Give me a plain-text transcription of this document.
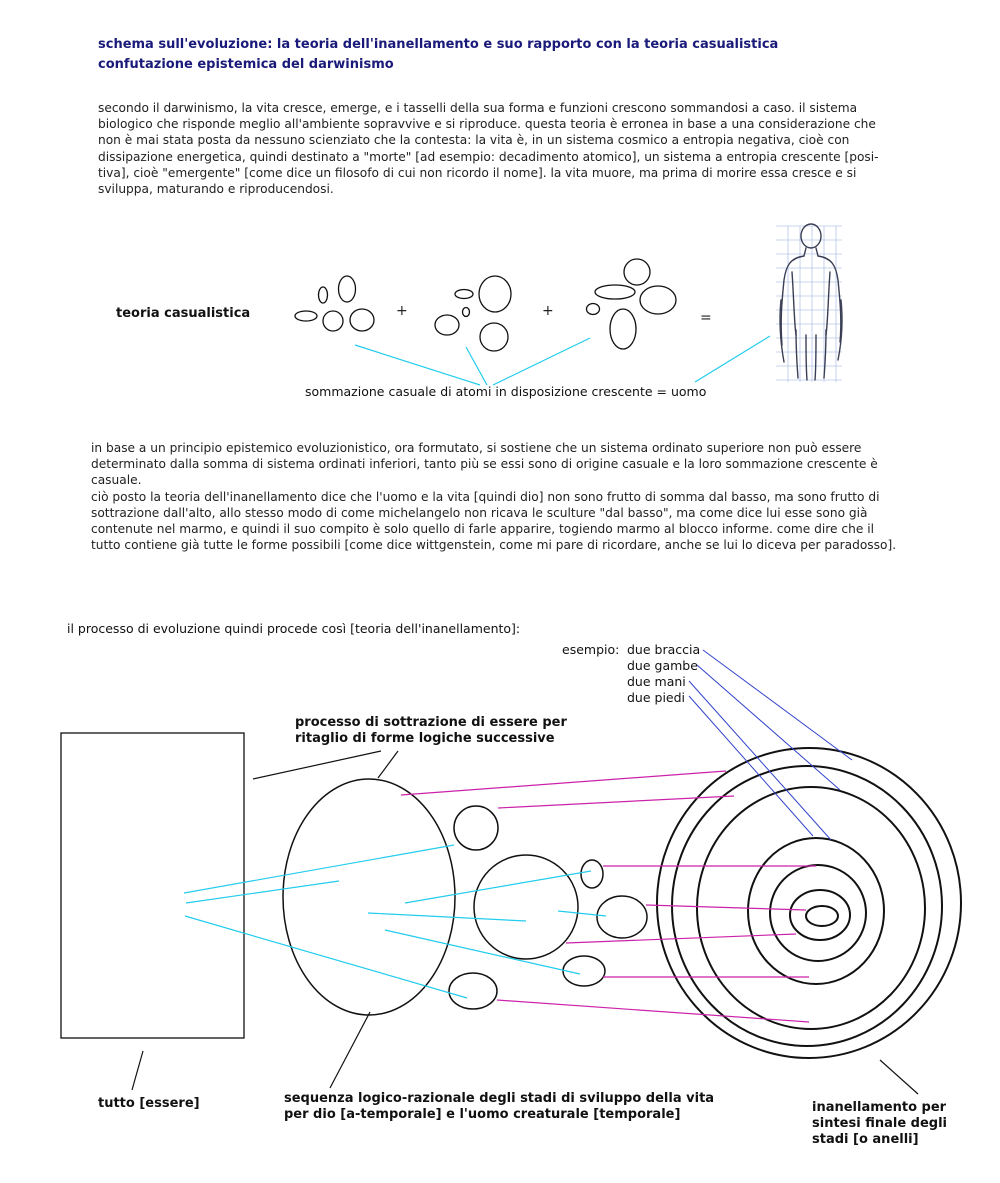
schema sull'evoluzione: la teoria dell'inanellamento e suo rapporto con la teoria casualistica
confutazione epistemica del darwinismo

secondo il darwinismo, la vita cresce, emerge, e i tasselli della sua forma e funzioni crescono sommandosi a caso. il sistema biologico che risponde meglio all'ambiente sopravvive e si riproduce. questa teoria è erronea in base a una considerazione che non è mai stata posta da nessuno scienziato che la contesta: la vita è, in un sistema cosmico a entropia negativa, cioè con dissipazione energetica, quindi destinato a "morte" [ad esempio: decadimento atomico], un sistema a entropia crescente [posi-tiva], cioè "emergente" [come dice un filosofo di cui non ricordo il nome]. la vita muore, ma prima di morire essa cresce e si sviluppa, maturando e riproducendosi.

teoria casualistica	+	+	=
sommazione casuale di atomi in disposizione crescente = uomo

in base a un principio epistemico evoluzionistico, ora formutato, si sostiene che un sistema ordinato superiore non può essere determinato dalla somma di sistema ordinati inferiori, tanto più se essi sono di origine casuale e la loro sommazione crescente è casuale.

ciò posto la teoria dell'inanellamento dice che l'uomo e la vita [quindi dio] non sono frutto di somma dal basso, ma sono frutto di sottrazione dall'alto, allo stesso modo di come michelangelo non ricava le sculture "dal basso", ma come dice lui esse sono già contenute nel marmo, e quindi il suo compito è solo quello di farle apparire, togiendo marmo al blocco informe. come dire che il tutto contiene già tutte le forme possibili [come dice wittgenstein, come mi pare di ricordare, anche se lui lo diceva per paradosso].

il processo di evoluzione quindi procede così [teoria dell'inanellamento]:
esempio: due braccia
due gambe
due mani
due piedi
processo di sottrazione di essere per
ritaglio di forme logiche successive
tutto [essere]	sequenza logico-razionale degli stadi di sviluppo della vita
per dio [a-temporale] e l'uomo creaturale [temporale]	inanellamento per
sintesi finale degli
stadi [o anelli]
